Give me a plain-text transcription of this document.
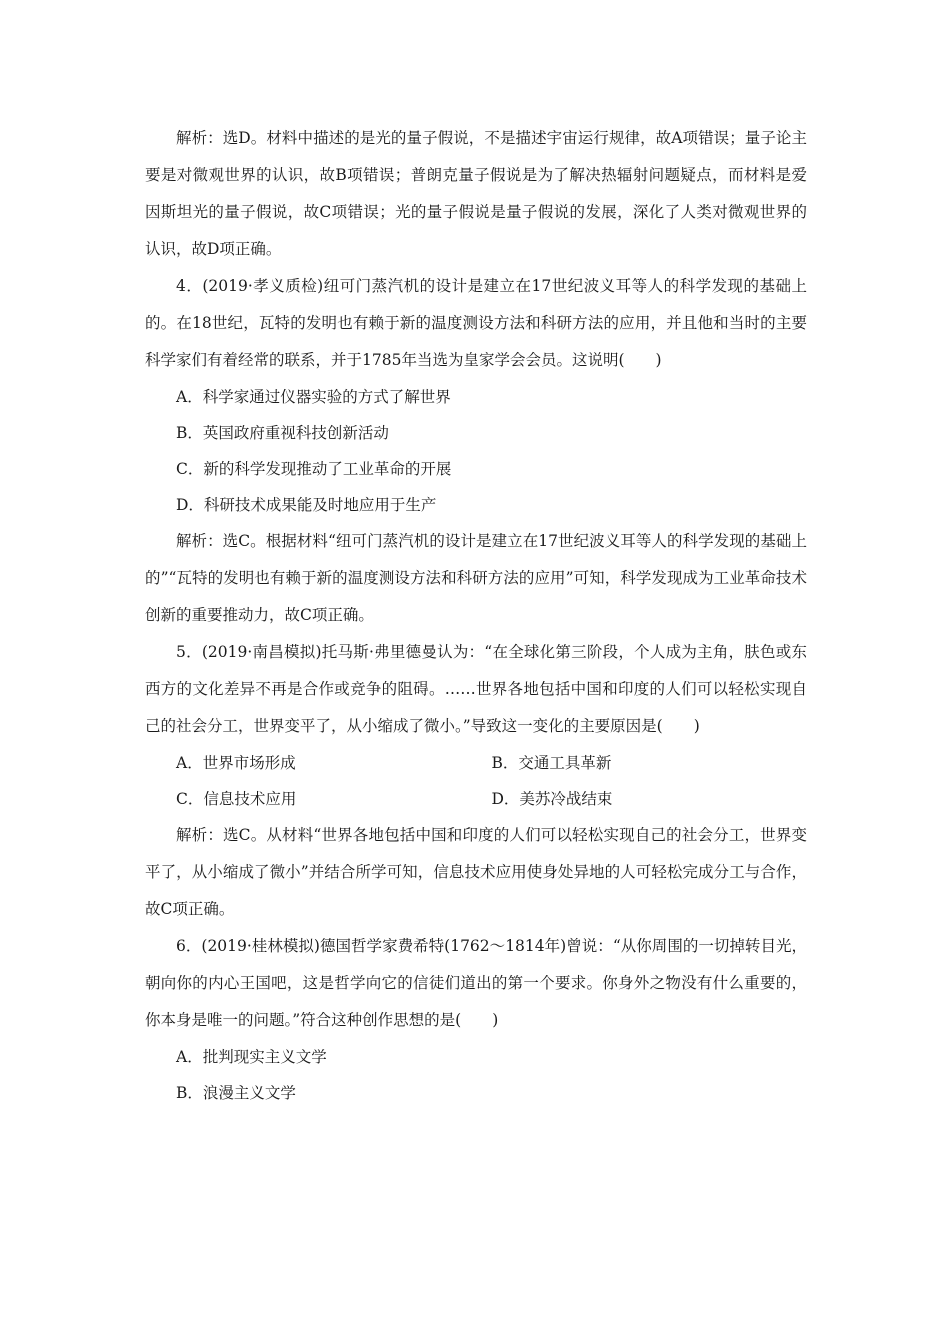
解析：选D。材料中描述的是光的量子假说，不是描述宇宙运行规律，故A项错误；量子论主要是对微观世界的认识，故B项错误；普朗克量子假说是为了解决热辐射问题疑点，而材料是爱因斯坦光的量子假说，故C项错误；光的量子假说是量子假说的发展，深化了人类对微观世界的认识，故D项正确。

4．(2019·孝义质检)纽可门蒸汽机的设计是建立在17世纪波义耳等人的科学发现的基础上的。在18世纪，瓦特的发明也有赖于新的温度测设方法和科研方法的应用，并且他和当时的主要科学家们有着经常的联系，并于1785年当选为皇家学会会员。这说明(　　)

A．科学家通过仪器实验的方式了解世界

B．英国政府重视科技创新活动

C．新的科学发现推动了工业革命的开展

D．科研技术成果能及时地应用于生产

解析：选C。根据材料“纽可门蒸汽机的设计是建立在17世纪波义耳等人的科学发现的基础上的”“瓦特的发明也有赖于新的温度测设方法和科研方法的应用”可知，科学发现成为工业革命技术创新的重要推动力，故C项正确。

5．(2019·南昌模拟)托马斯·弗里德曼认为：“在全球化第三阶段，个人成为主角，肤色或东西方的文化差异不再是合作或竞争的阻碍。……世界各地包括中国和印度的人们可以轻松实现自己的社会分工，世界变平了，从小缩成了微小。”导致这一变化的主要原因是(　　)

A．世界市场形成	B．交通工具革新
C．信息技术应用	D．美苏冷战结束

解析：选C。从材料“世界各地包括中国和印度的人们可以轻松实现自己的社会分工，世界变平了，从小缩成了微小”并结合所学可知，信息技术应用使身处异地的人可轻松完成分工与合作，故C项正确。

6．(2019·桂林模拟)德国哲学家费希特(1762～1814年)曾说：“从你周围的一切掉转目光，朝向你的内心王国吧，这是哲学向它的信徒们道出的第一个要求。你身外之物没有什么重要的，你本身是唯一的问题。”符合这种创作思想的是(　　)

A．批判现实主义文学

B．浪漫主义文学
